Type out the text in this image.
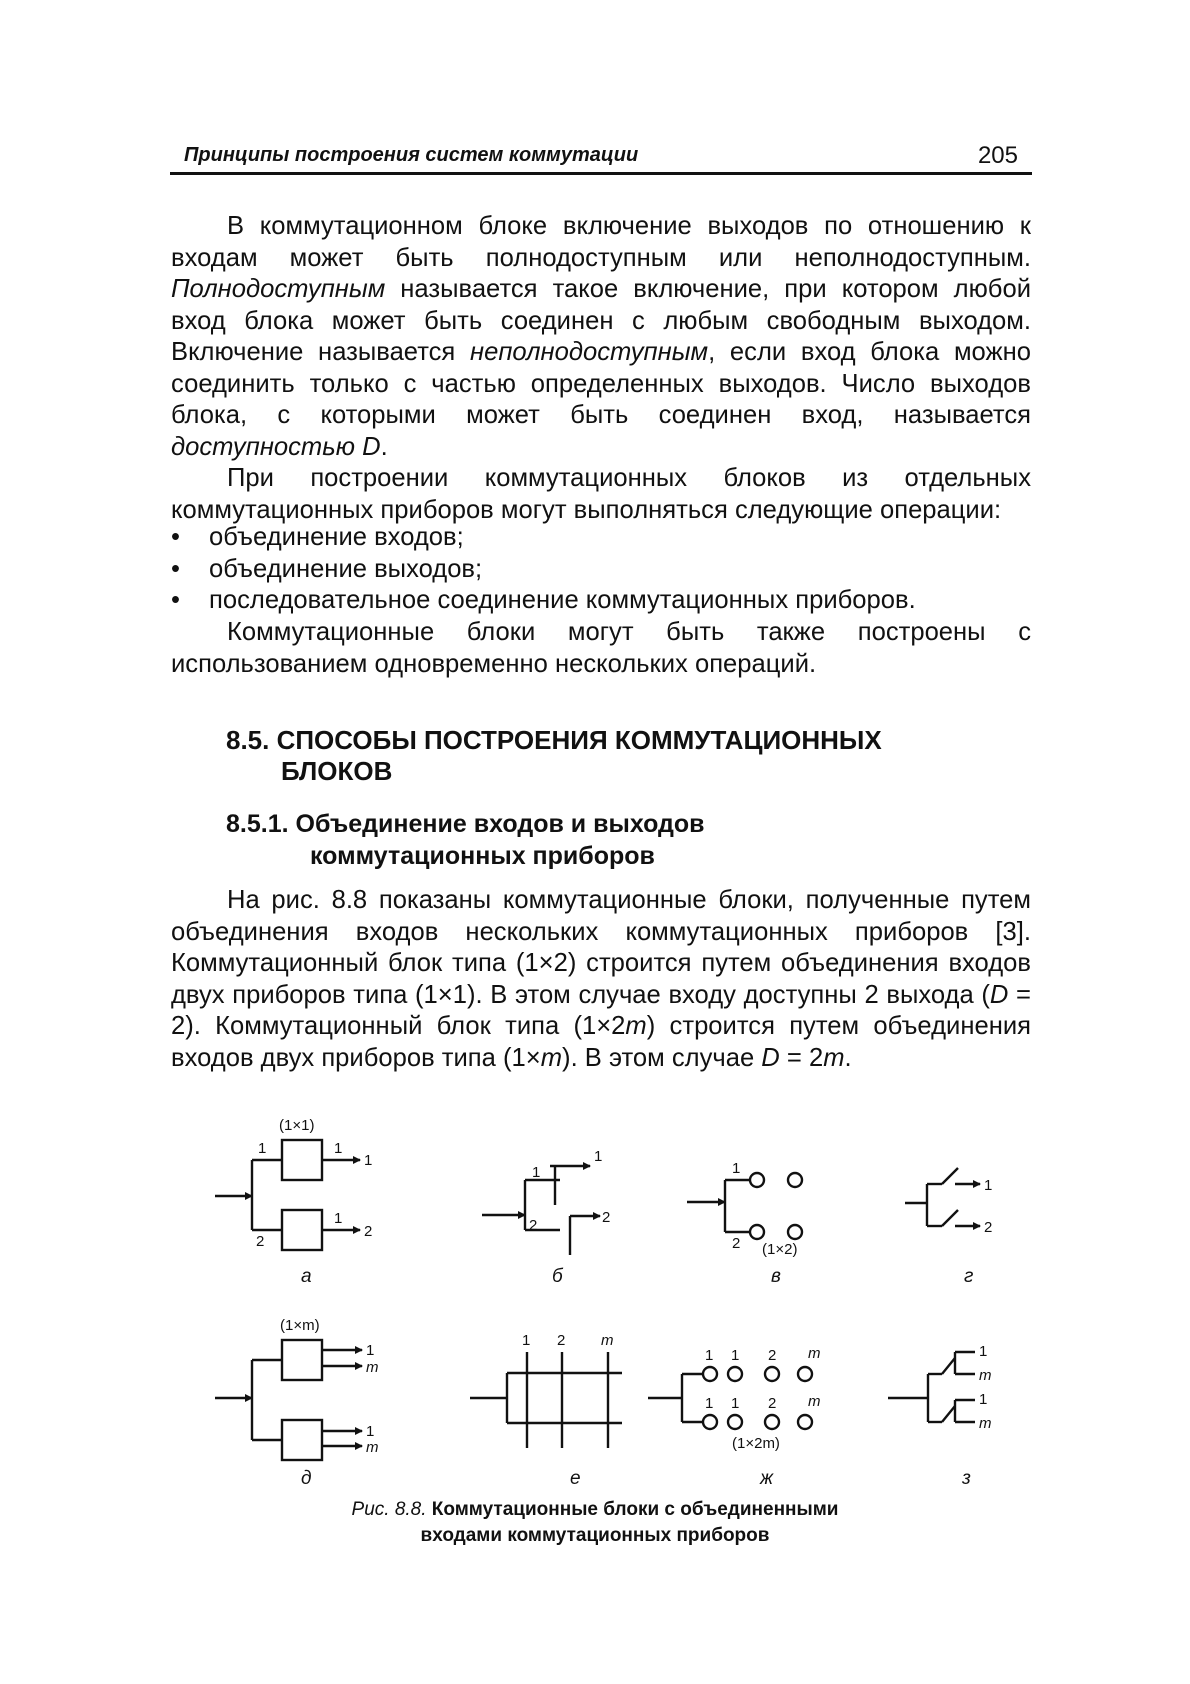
Принципы построения систем коммутации	205

В коммутационном блоке включение выходов по отношению к входам может быть полнодоступным или неполнодоступным. Полнодоступным называется такое включение, при котором любой вход блока может быть соединен с любым свободным выходом. Включение называется неполнодоступным, если вход блока можно соединить только с частью определенных выходов. Число выходов блока, с которыми может быть соединен вход, называется доступностью D.

При построении коммутационных блоков из отдельных коммутационных приборов могут выполняться следующие операции:

• объединение входов;
• объединение выходов;
• последовательное соединение коммутационных приборов.

Коммутационные блоки могут быть также построены с использованием одновременно нескольких операций.

8.5. СПОСОБЫ ПОСТРОЕНИЯ КОММУТАЦИОННЫХ
БЛОКОВ
8.5.1. Объединение входов и выходов
коммутационных приборов

На рис. 8.8 показаны коммутационные блоки, полученные путем объединения входов нескольких коммутационных приборов [3]. Коммутационный блок типа (1×2) строится путем объединения входов двух приборов типа (1×1). В этом случае входу доступны 2 выхода (D = 2). Коммутационный блок типа (1×2m) строится путем объединения входов двух приборов типа (1×m). В этом случае D = 2m.

(1×1)
1	1
1
2
1
2
1
1
2	2
1
2 (1×2)
1
2
(1×m)
1
m
1
m
1 2 m
1 1 2 m
1 1 2 m
(1×2m)
1
m
1
m
а	б	в	г
д	е	ж	з
Рис. 8.8. Коммутационные блоки с объединенными
входами коммутационных приборов
